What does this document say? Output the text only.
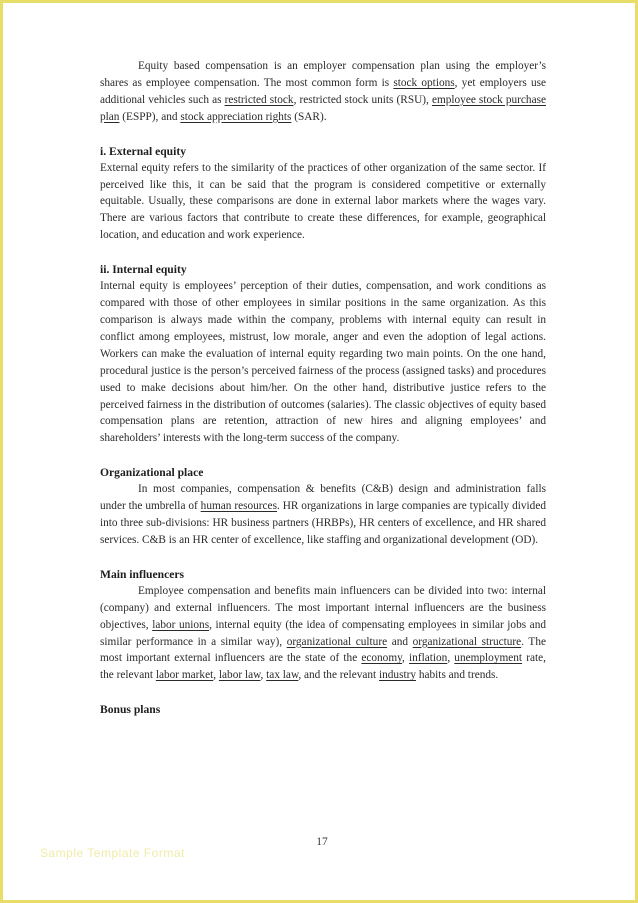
Equity based compensation is an employer compensation plan using the employer’s shares as employee compensation. The most common form is stock options, yet employers use additional vehicles such as restricted stock, restricted stock units (RSU), employee stock purchase plan (ESPP), and stock appreciation rights (SAR).

i. External equity

External equity refers to the similarity of the practices of other organization of the same sector. If perceived like this, it can be said that the program is considered competitive or externally equitable. Usually, these comparisons are done in external labor markets where the wages vary. There are various factors that contribute to create these differences, for example, geographical location, and education and work experience.

ii. Internal equity

Internal equity is employees’ perception of their duties, compensation, and work conditions as compared with those of other employees in similar positions in the same organization. As this comparison is always made within the company, problems with internal equity can result in conflict among employees, mistrust, low morale, anger and even the adoption of legal actions. Workers can make the evaluation of internal equity regarding two main points. On the one hand, procedural justice is the person’s perceived fairness of the process (assigned tasks) and procedures used to make decisions about him/her. On the other hand, distributive justice refers to the perceived fairness in the distribution of outcomes (salaries). The classic objectives of equity based compensation plans are retention, attraction of new hires and aligning employees’ and shareholders’ interests with the long-term success of the company.

Organizational place

In most companies, compensation & benefits (C&B) design and administration falls under the umbrella of human resources. HR organizations in large companies are typically divided into three sub-divisions: HR business partners (HRBPs), HR centers of excellence, and HR shared services. C&B is an HR center of excellence, like staffing and organizational development (OD).

Main influencers

Employee compensation and benefits main influencers can be divided into two: internal (company) and external influencers. The most important internal influencers are the business objectives, labor unions, internal equity (the idea of compensating employees in similar jobs and similar performance in a similar way), organizational culture and organizational structure. The most important external influencers are the state of the economy, inflation, unemployment rate, the relevant labor market, labor law, tax law, and the relevant industry habits and trends.

Bonus plans
17
Sample Template Format
